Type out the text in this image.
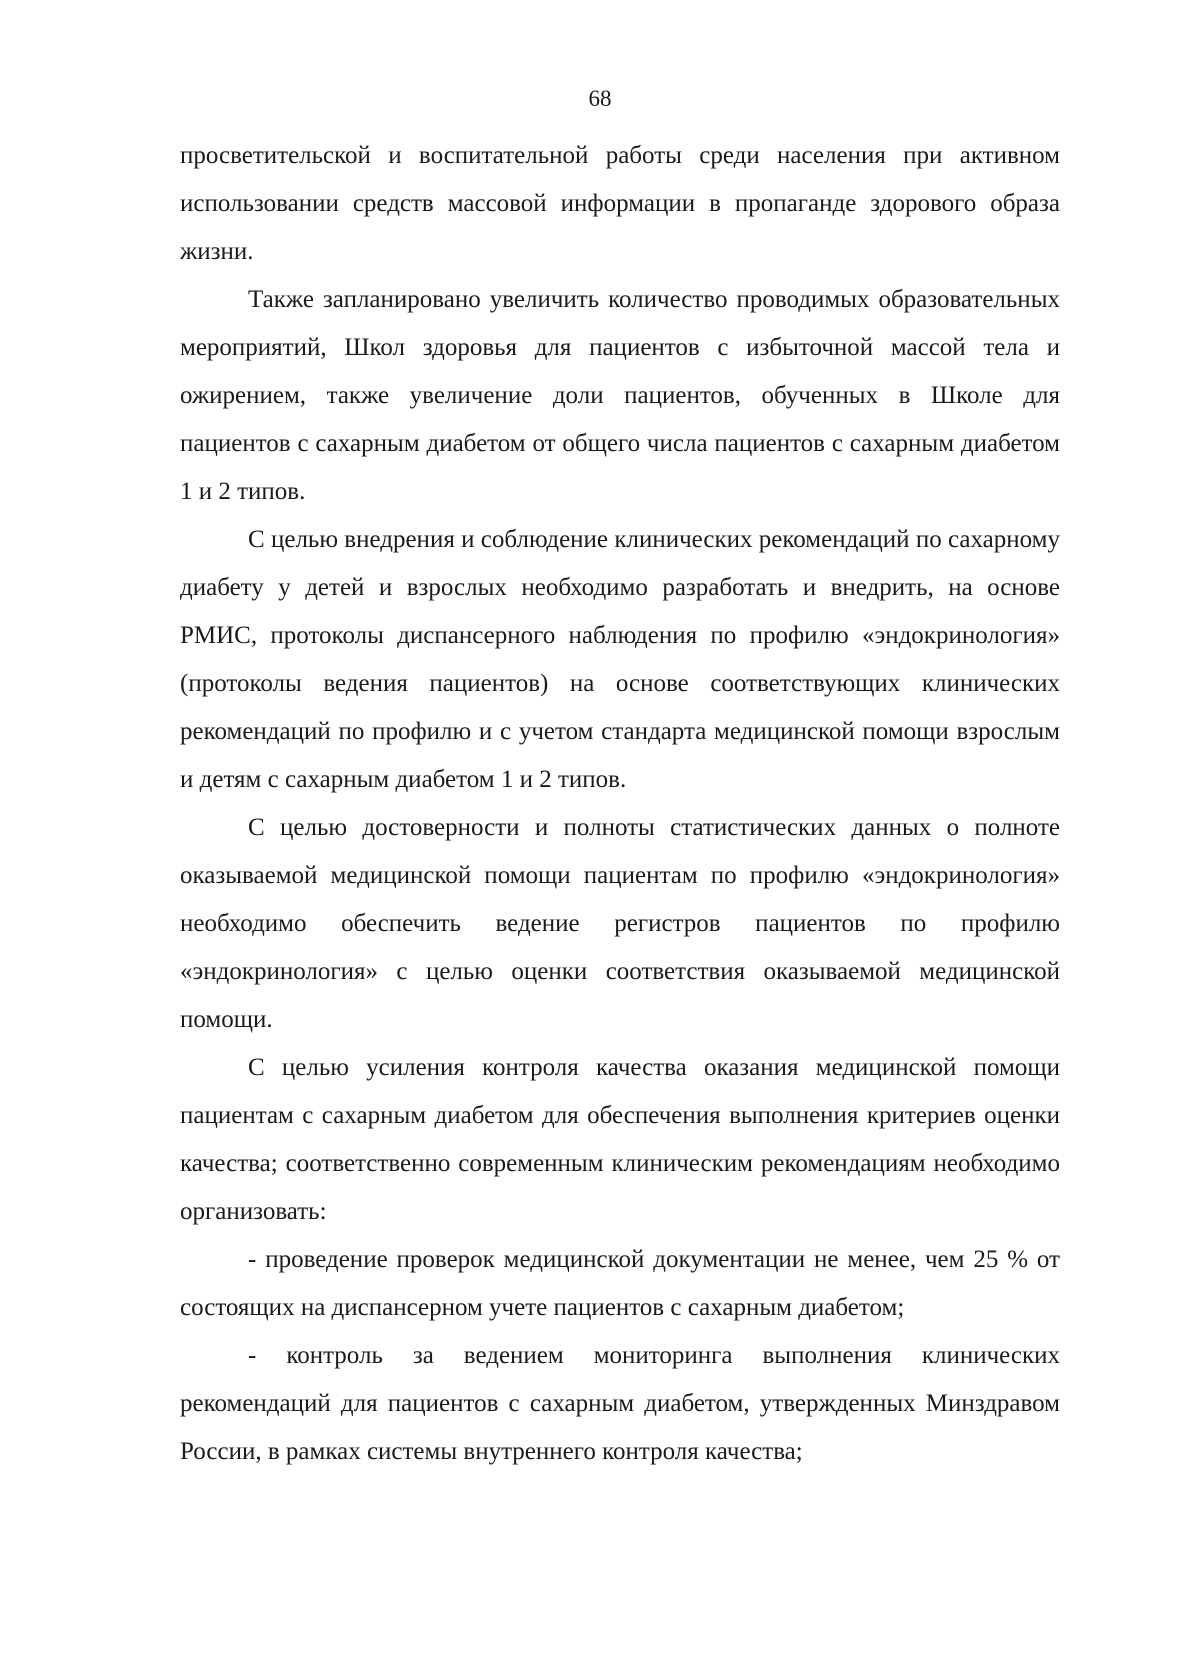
68

просветительской и воспитательной работы среди населения при активном использовании средств массовой информации в пропаганде здорового образа жизни.

Также запланировано увеличить количество проводимых образовательных мероприятий, Школ здоровья для пациентов с избыточной массой тела и ожирением, также увеличение доли пациентов, обученных в Школе для пациентов с сахарным диабетом от общего числа пациентов с сахарным диабетом 1 и 2 типов.

С целью внедрения и соблюдение клинических рекомендаций по сахарному диабету у детей и взрослых необходимо разработать и внедрить, на основе РМИС, протоколы диспансерного наблюдения по профилю «эндокринология» (протоколы ведения пациентов) на основе соответствующих клинических рекомендаций по профилю и с учетом стандарта медицинской помощи взрослым и детям с сахарным диабетом 1 и 2 типов.

С целью достоверности и полноты статистических данных о полноте оказываемой медицинской помощи пациентам по профилю «эндокринология» необходимо обеспечить ведение регистров пациентов по профилю «эндокринология» с целью оценки соответствия оказываемой медицинской помощи.

С целью усиления контроля качества оказания медицинской помощи пациентам с сахарным диабетом для обеспечения выполнения критериев оценки качества; соответственно современным клиническим рекомендациям необходимо организовать:

- проведение проверок медицинской документации не менее, чем 25 % от состоящих на диспансерном учете пациентов с сахарным диабетом;

- контроль за ведением мониторинга выполнения клинических рекомендаций для пациентов с сахарным диабетом, утвержденных Минздравом России, в рамках системы внутреннего контроля качества;
